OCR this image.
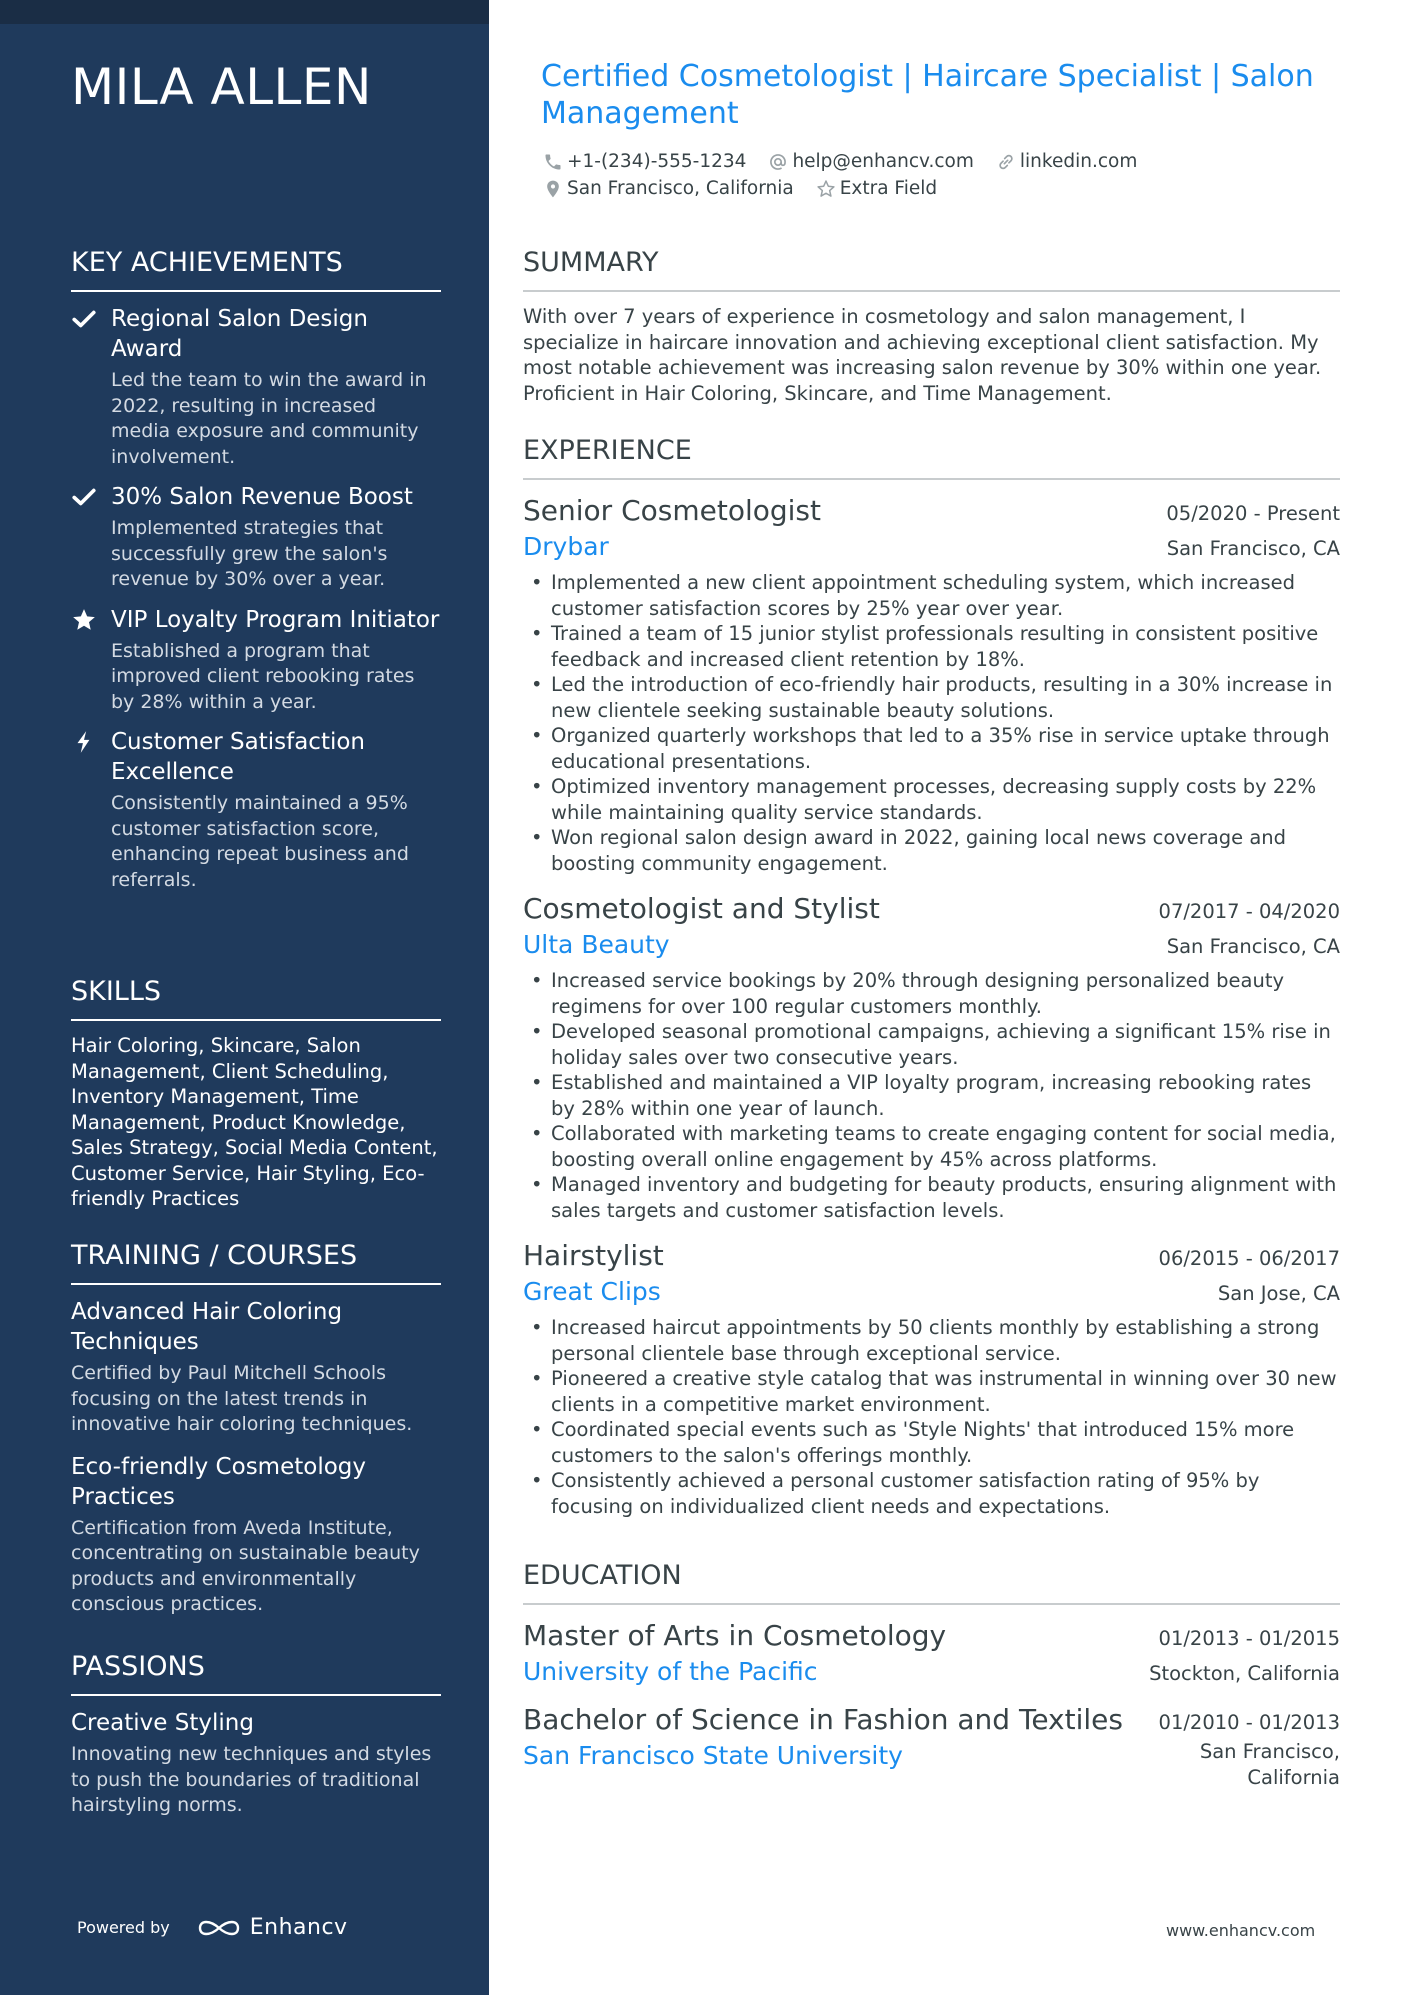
MILA ALLEN
KEY ACHIEVEMENTS
Regional Salon Design Award
Led the team to win the award in 2022, resulting in increased media exposure and community involvement.
30% Salon Revenue Boost
Implemented strategies that successfully grew the salon's revenue by 30% over a year.
VIP Loyalty Program Initiator
Established a program that improved client rebooking rates by 28% within a year.
Customer Satisfaction Excellence
Consistently maintained a 95% customer satisfaction score, enhancing repeat business and referrals.
SKILLS
Hair Coloring, Skincare, Salon Management, Client Scheduling, Inventory Management, Time Management, Product Knowledge, Sales Strategy, Social Media Content, Customer Service, Hair Styling, Eco-friendly Practices
TRAINING / COURSES
Advanced Hair Coloring Techniques
Certified by Paul Mitchell Schools focusing on the latest trends in innovative hair coloring techniques.
Eco-friendly Cosmetology Practices
Certification from Aveda Institute, concentrating on sustainable beauty products and environmentally conscious practices.
PASSIONS
Creative Styling
Innovating new techniques and styles to push the boundaries of traditional hairstyling norms.
Powered by	Enhancv
Certified Cosmetologist | Haircare Specialist | Salon Management
+1-(234)-555-1234 help@enhancv.com linkedin.com
San Francisco, California Extra Field
SUMMARY
With over 7 years of experience in cosmetology and salon management, I specialize in haircare innovation and achieving exceptional client satisfaction. My most notable achievement was increasing salon revenue by 30% within one year. Proficient in Hair Coloring, Skincare, and Time Management.
EXPERIENCE
Senior Cosmetologist	05/2020 - Present
Drybar	San Francisco, CA
• Implemented a new client appointment scheduling system, which increased customer satisfaction scores by 25% year over year.
• Trained a team of 15 junior stylist professionals resulting in consistent positive feedback and increased client retention by 18%.
• Led the introduction of eco-friendly hair products, resulting in a 30% increase in new clientele seeking sustainable beauty solutions.
• Organized quarterly workshops that led to a 35% rise in service uptake through educational presentations.
• Optimized inventory management processes, decreasing supply costs by 22% while maintaining quality service standards.
• Won regional salon design award in 2022, gaining local news coverage and boosting community engagement.
Cosmetologist and Stylist	07/2017 - 04/2020
Ulta Beauty	San Francisco, CA
• Increased service bookings by 20% through designing personalized beauty regimens for over 100 regular customers monthly.
• Developed seasonal promotional campaigns, achieving a significant 15% rise in holiday sales over two consecutive years.
• Established and maintained a VIP loyalty program, increasing rebooking rates by 28% within one year of launch.
• Collaborated with marketing teams to create engaging content for social media, boosting overall online engagement by 45% across platforms.
• Managed inventory and budgeting for beauty products, ensuring alignment with sales targets and customer satisfaction levels.
Hairstylist	06/2015 - 06/2017
Great Clips	San Jose, CA
• Increased haircut appointments by 50 clients monthly by establishing a strong personal clientele base through exceptional service.
• Pioneered a creative style catalog that was instrumental in winning over 30 new clients in a competitive market environment.
• Coordinated special events such as 'Style Nights' that introduced 15% more customers to the salon's offerings monthly.
• Consistently achieved a personal customer satisfaction rating of 95% by focusing on individualized client needs and expectations.
EDUCATION
Master of Arts in Cosmetology	01/2013 - 01/2015
University of the Pacific	Stockton, California
Bachelor of Science in Fashion and Textiles 01/2010 - 01/2013
San Francisco State University	San Francisco, California
www.enhancv.com
